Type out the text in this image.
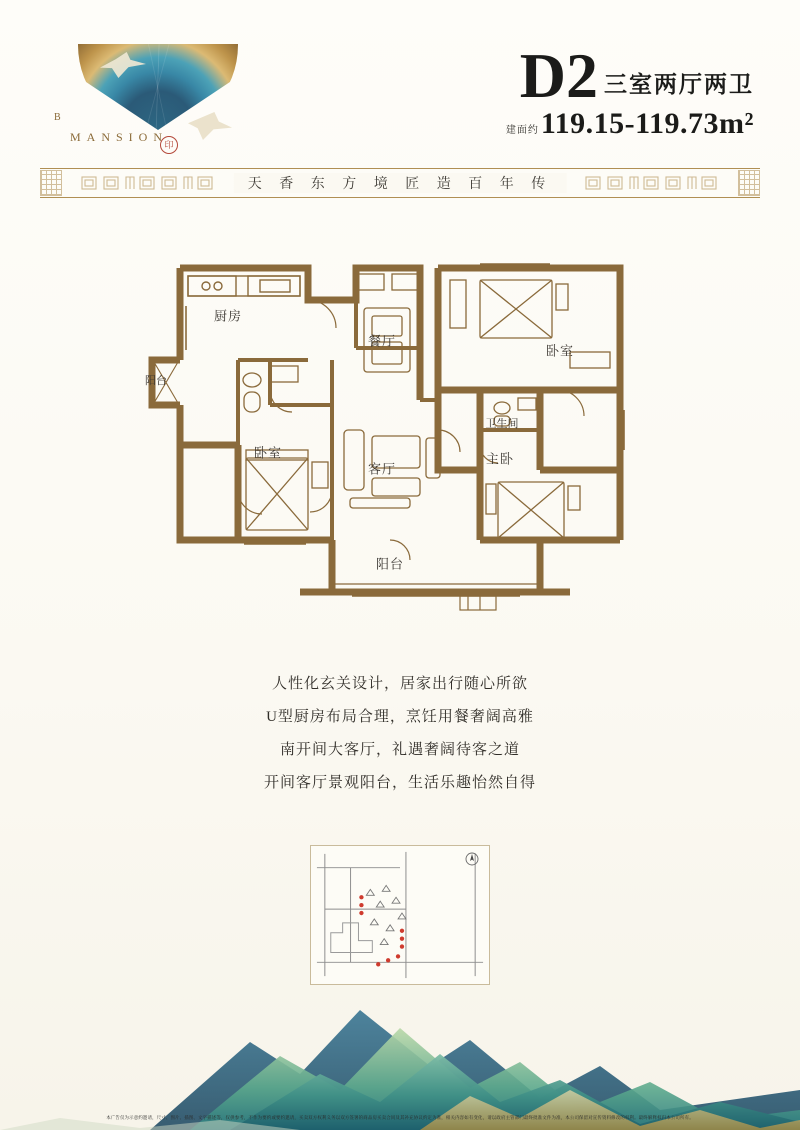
B
MANSION
印
D2 三室两厅两卫
建面约 119.15-119.73m²
天 香 东 方 境 匠 造 百 年 传
厨房
阳台
餐厅
卧室
卫生间
卧室
客厅
主卧
阳台

人性化玄关设计，居家出行随心所欲

U型厨房布局合理，烹饪用餐奢阔高雅

南开间大客厅，礼遇奢阔待客之道

开间客厅景观阳台，生活乐趣怡然自得

本广告仅为示意约邀请，尺寸、图片、插图、文字描述等，仅供参考，不作为要约或要约邀请，买卖双方权利义务以双方签署的商品房买卖合同及其补充协议约定为准，相关内容如有变化，请以政府主管部门最终批准文件为准，本公司保留对宣传资料修改的权利。最终解释权归本公司所有。
